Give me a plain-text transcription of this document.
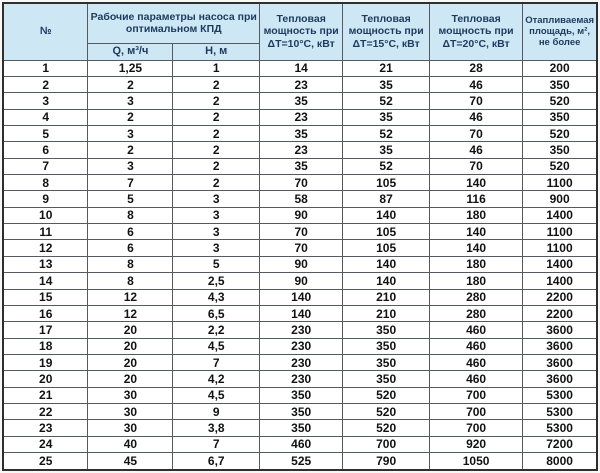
№	Рабочие параметры насоса при оптимальном КПД		Тепловая мощность при ΔТ=10°С, кВт	Тепловая мощность при ΔТ=15°С, кВт	Тепловая мощность при ΔТ=20°С, кВт	Отапливаемая площадь, м², не более
	Q, м³/ч	Н, м				
1	1,25	1	14	21	28	200
2	2	2	23	35	46	350
3	3	2	35	52	70	520
4	2	2	23	35	46	350
5	3	2	35	52	70	520
6	2	2	23	35	46	350
7	3	2	35	52	70	520
8	7	2	70	105	140	1100
9	5	3	58	87	116	900
10	8	3	90	140	180	1400
11	6	3	70	105	140	1100
12	6	3	70	105	140	1100
13	8	5	90	140	180	1400
14	8	2,5	90	140	180	1400
15	12	4,3	140	210	280	2200
16	12	6,5	140	210	280	2200
17	20	2,2	230	350	460	3600
18	20	4,5	230	350	460	3600
19	20	7	230	350	460	3600
20	20	4,2	230	350	460	3600
21	30	4,5	350	520	700	5300
22	30	9	350	520	700	5300
23	30	3,8	350	520	700	5300
24	40	7	460	700	920	7200
25	45	6,7	525	790	1050	8000
